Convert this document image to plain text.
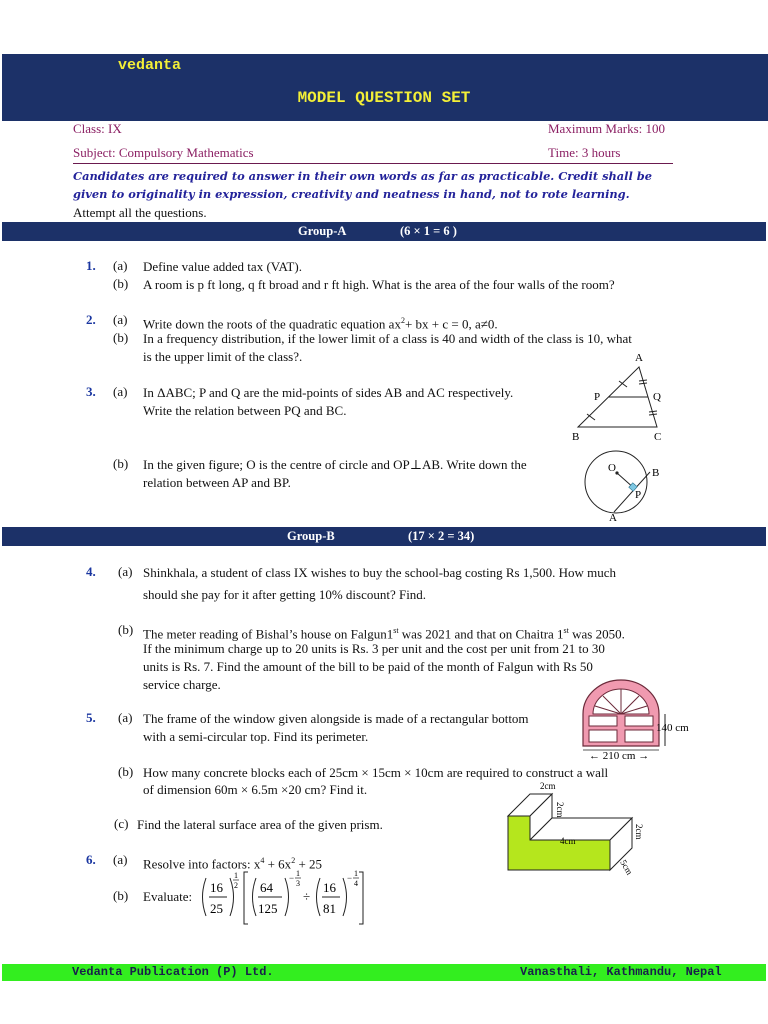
vedanta
MODEL QUESTION SET
Class: IX	Maximum Marks: 100
Subject: Compulsory Mathematics	Time: 3 hours
Candidates are required to answer in their own words as far as practicable. Credit shall be given to originality in expression, creativity and neatness in hand, not to rote learning.
Attempt all the questions.
Group-A	(6 × 1 = 6 )
1. (a) Define value added tax (VAT).
(b) A room is p ft long, q ft broad and r ft high. What is the area of the four walls of the room?
2. (a) Write down the roots of the quadratic equation $ax^2+$ bx + c = 0, a≠0.
(b) In a frequency distribution, if the lower limit of a class is 40 and width of the class is 10, what
is the upper limit of the class?.
3. (a) In ΔABC; P and Q are the mid-points of sides AB and AC respectively.
Write the relation between PQ and BC.
A
P	Q
B	C
(b) In the given figure; O is the centre of circle and OP⊥AB. Write down the
relation between AP and BP.
O	B
P
A
Group-B	(17 × 2 = 34)
4. (a) Shinkhala, a student of class IX wishes to buy the school-bag costing Rs 1,500. How much
should she pay for it after getting 10% discount? Find.
(b) The meter reading of Bishal’s house on Falgun1st was 2021 and that on Chaitra 1st was 2050.
If the minimum charge up to 20 units is Rs. 3 per unit and the cost per unit from 21 to 30
units is Rs. 7. Find the amount of the bill to be paid of the month of Falgun with Rs 50
service charge.
5. (a) The frame of the window given alongside is made of a rectangular bottom
with a semi-circular top. Find its perimeter.
140 cm
← 210 cm →
(b) How many concrete blocks each of 25cm × 15cm × 10cm are required to construct a wall
of dimension 60m × 6.5m ×20 cm? Find it.
(c) Find the lateral surface area of the given prism.
2cm
2cm
4cm
2cm
5cm
6. (a) Resolve into factors: $x^4 + 6x^2 + 25$
(b) Evaluate:
16
25
1
2 64
125
− 1
3
÷
16
81
− 1
4
Vedanta Publication (P) Ltd.	Vanasthali, Kathmandu, Nepal
